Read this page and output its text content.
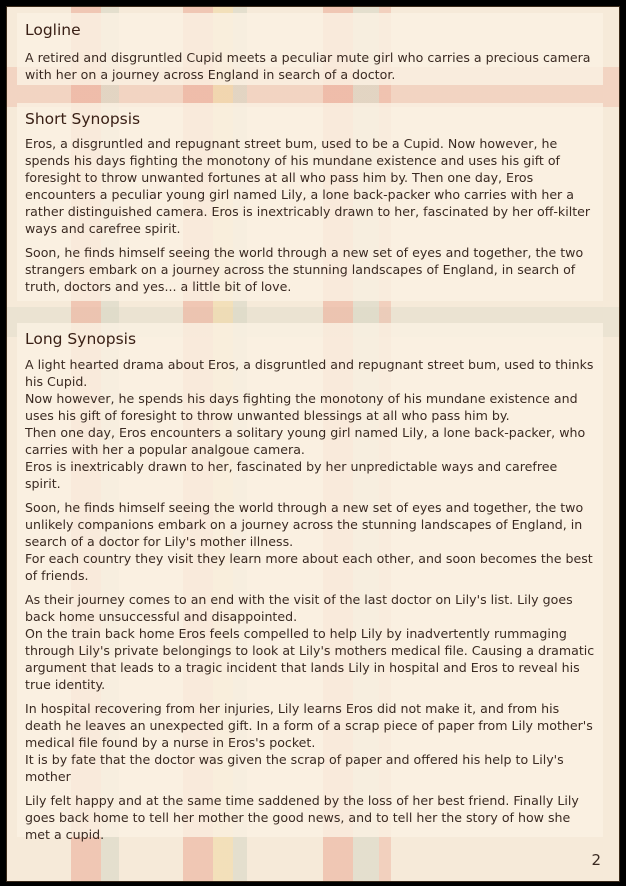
Logline

A retired and disgruntled Cupid meets a peculiar mute girl who carries a precious camera with her on a journey across England in search of a doctor.

Short Synopsis

Eros, a disgruntled and repugnant street bum, used to be a Cupid. Now however, he spends his days fighting the monotony of his mundane existence and uses his gift of foresight to throw unwanted fortunes at all who pass him by. Then one day, Eros encounters a peculiar young girl named Lily, a lone back-packer who carries with her a rather distinguished camera. Eros is inextricably drawn to her, fascinated by her off-kilter ways and carefree spirit.

Soon, he finds himself seeing the world through a new set of eyes and together, the two strangers embark on a journey across the stunning landscapes of England, in search of truth, doctors and yes... a little bit of love.

Long Synopsis

A light hearted drama about Eros, a disgruntled and repugnant street bum, used to thinks his Cupid.
Now however, he spends his days fighting the monotony of his mundane existence and uses his gift of foresight to throw unwanted blessings at all who pass him by.
Then one day, Eros encounters a solitary young girl named Lily, a lone back-packer, who carries with her a popular analgoue camera.
Eros is inextricably drawn to her, fascinated by her unpredictable ways and carefree spirit.

Soon, he finds himself seeing the world through a new set of eyes and together, the two unlikely companions embark on a journey across the stunning landscapes of England, in search of a doctor for Lily's mother illness.
For each country they visit they learn more about each other, and soon becomes the best of friends.

As their journey comes to an end with the visit of the last doctor on Lily's list. Lily goes back home unsuccessful and disappointed.
On the train back home Eros feels compelled to help Lily by inadvertently rummaging through Lily's private belongings to look at Lily's mothers medical file. Causing a dramatic argument that leads to a tragic incident that lands Lily in hospital and Eros to reveal his true identity.

In hospital recovering from her injuries, Lily learns Eros did not make it, and from his death he leaves an unexpected gift. In a form of a scrap piece of paper from Lily mother's medical file found by a nurse in Eros's pocket.
It is by fate that the doctor was given the scrap of paper and offered his help to Lily's mother

Lily felt happy and at the same time saddened by the loss of her best friend. Finally Lily goes back home to tell her mother the good news, and to tell her the story of how she met a cupid.

2
